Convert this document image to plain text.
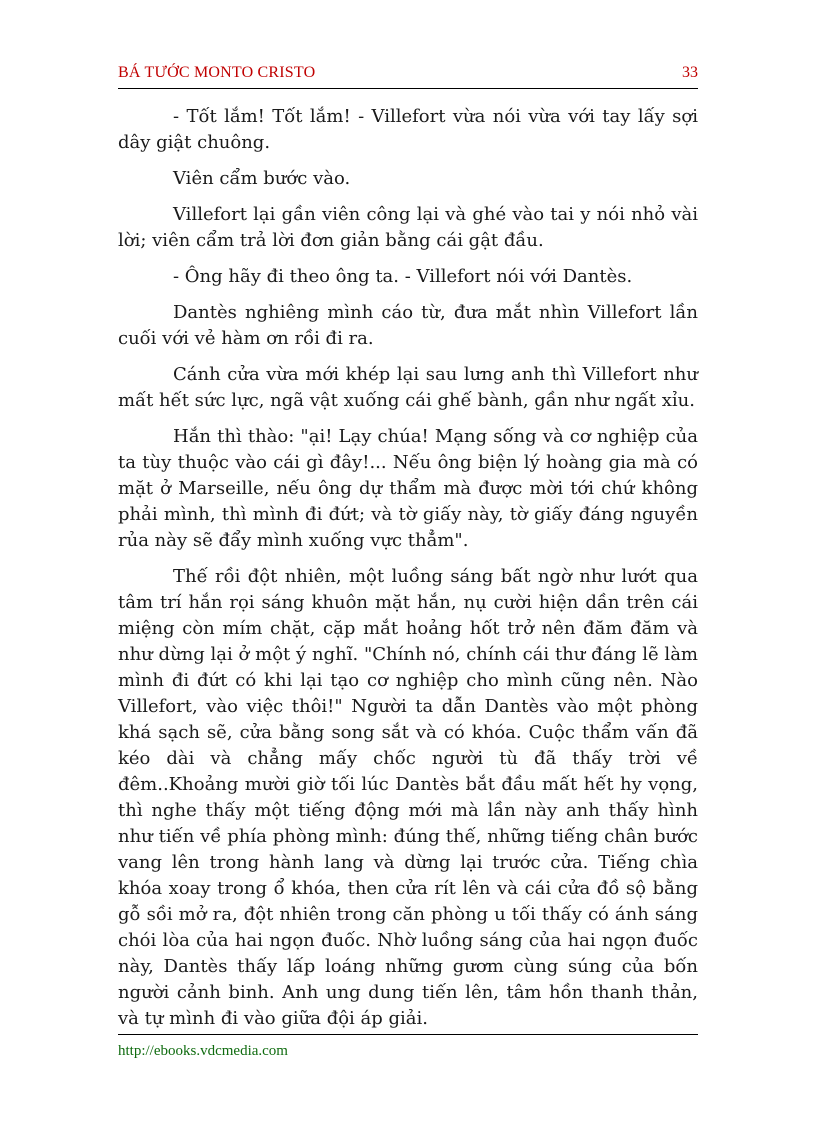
BÁ TƯỚC MONTO CRISTO	33

- Tốt lắm! Tốt lắm! - Villefort vừa nói vừa với tay lấy sợi dây giật chuông.

Viên cẩm bước vào.

Villefort lại gần viên công lại và ghé vào tai y nói nhỏ vài lời; viên cẩm trả lời đơn giản bằng cái gật đầu.

- Ông hãy đi theo ông ta. - Villefort nói với Dantès.

Dantès nghiêng mình cáo từ, đưa mắt nhìn Villefort lần cuối với vẻ hàm ơn rồi đi ra.

Cánh cửa vừa mới khép lại sau lưng anh thì Villefort như mất hết sức lực, ngã vật xuống cái ghế bành, gần như ngất xỉu.

Hắn thì thào: "ại! Lạy chúa! Mạng sống và cơ nghiệp của ta tùy thuộc vào cái gì đây!... Nếu ông biện lý hoàng gia mà có mặt ở Marseille, nếu ông dự thẩm mà được mời tới chứ không phải mình, thì mình đi đứt; và tờ giấy này, tờ giấy đáng nguyền rủa này sẽ đẩy mình xuống vực thẳm".

Thế rồi đột nhiên, một luồng sáng bất ngờ như lướt qua tâm trí hắn rọi sáng khuôn mặt hắn, nụ cười hiện dần trên cái miệng còn mím chặt, cặp mắt hoảng hốt trở nên đăm đăm và như dừng lại ở một ý nghĩ. "Chính nó, chính cái thư đáng lẽ làm mình đi đứt có khi lại tạo cơ nghiệp cho mình cũng nên. Nào Villefort, vào việc thôi!" Người ta dẫn Dantès vào một phòng khá sạch sẽ, cửa bằng song sắt và có khóa. Cuộc thẩm vấn đã kéo dài và chẳng mấy chốc người tù đã thấy trời về đêm..Khoảng mười giờ tối lúc Dantès bắt đầu mất hết hy vọng, thì nghe thấy một tiếng động mới mà lần này anh thấy hình như tiến về phía phòng mình: đúng thế, những tiếng chân bước vang lên trong hành lang và dừng lại trước cửa. Tiếng chìa khóa xoay trong ổ khóa, then cửa rít lên và cái cửa đồ sộ bằng gỗ sồi mở ra, đột nhiên trong căn phòng u tối thấy có ánh sáng chói lòa của hai ngọn đuốc. Nhờ luồng sáng của hai ngọn đuốc này, Dantès thấy lấp loáng những gươm cùng súng của bốn người cảnh binh. Anh ung dung tiến lên, tâm hồn thanh thản, và tự mình đi vào giữa đội áp giải.

http://ebooks.vdcmedia.com
